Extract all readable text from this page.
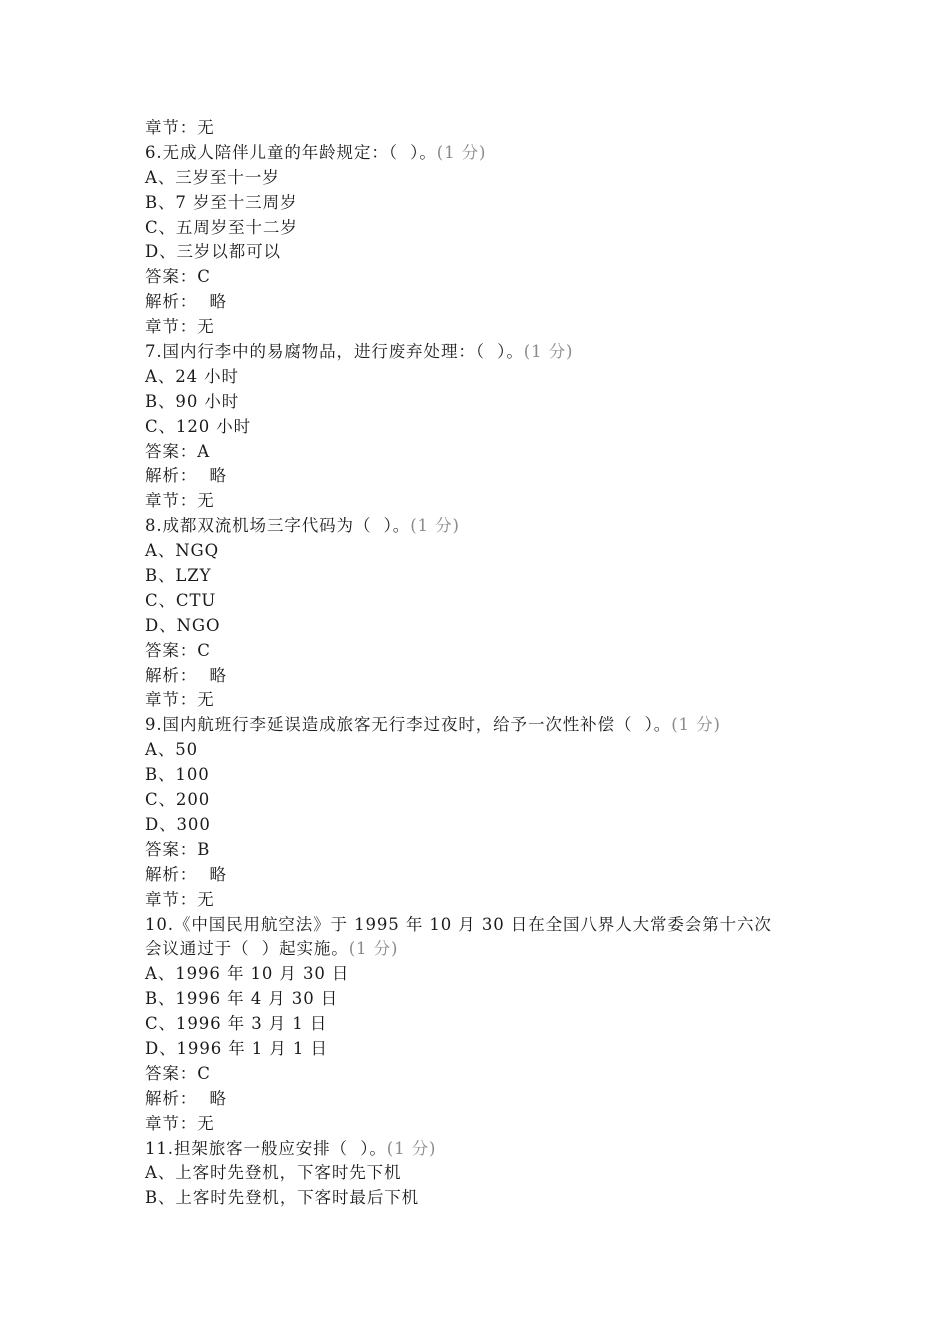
章节：无
6.无成人陪伴儿童的年龄规定：（  ）。(1 分)
A、三岁至十一岁
B、7 岁至十三周岁
C、五周岁至十二岁
D、三岁以都可以
答案：C
解析：  略
章节：无
7.国内行李中的易腐物品，进行废弃处理：（  ）。(1 分)
A、24 小时
B、90 小时
C、120 小时
答案：A
解析：  略
章节：无
8.成都双流机场三字代码为（  ）。(1 分)
A、NGQ
B、LZY
C、CTU
D、NGO
答案：C
解析：  略
章节：无
9.国内航班行李延误造成旅客无行李过夜时，给予一次性补偿（  ）。(1 分)
A、50
B、100
C、200
D、300
答案：B
解析：  略
章节：无
10.《中国民用航空法》于 1995 年 10 月 30 日在全国八界人大常委会第十六次
会议通过于（  ）起实施。(1 分)
A、1996 年 10 月 30 日
B、1996 年 4 月 30 日
C、1996 年 3 月 1 日
D、1996 年 1 月 1 日
答案：C
解析：  略
章节：无
11.担架旅客一般应安排（  ）。(1 分)
A、上客时先登机，下客时先下机
B、上客时先登机，下客时最后下机
